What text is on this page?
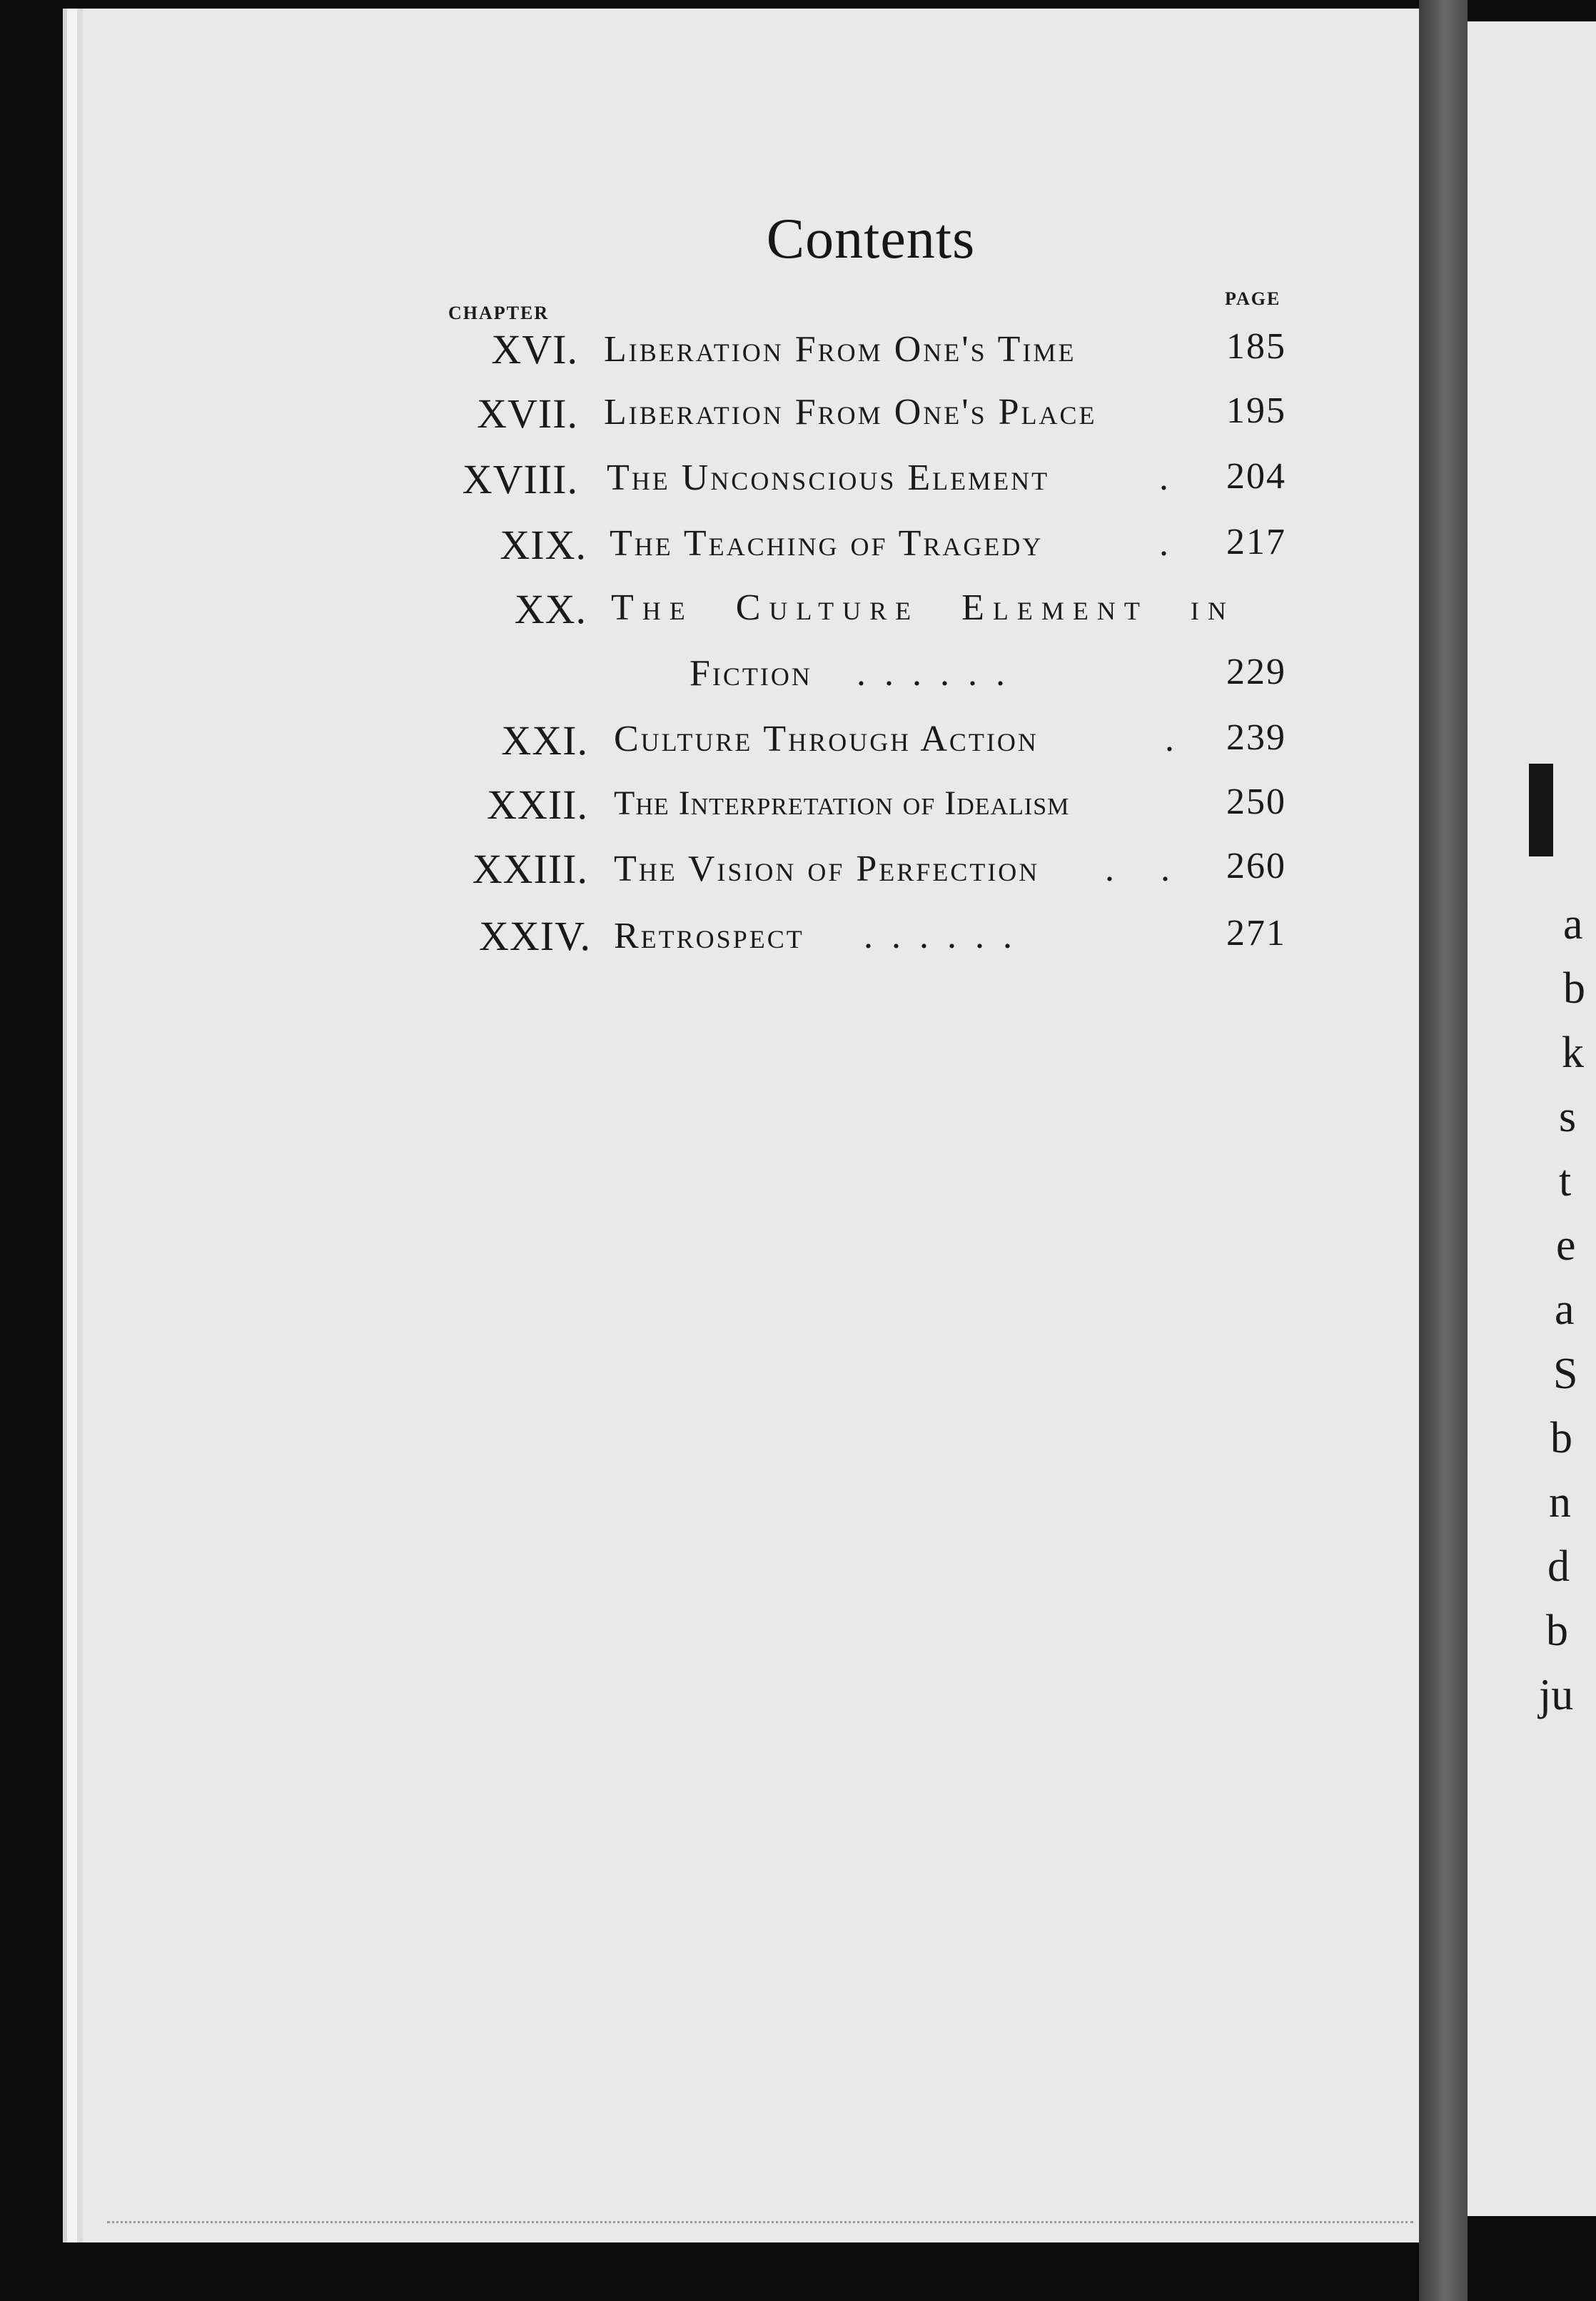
Contents
CHAPTER
PAGE
XVI. Liberation From One's Time	185
XVII. Liberation From One's Place	195
XVIII. The Unconscious Element	. 204
XIX. The Teaching of Tragedy	. 217
XX. The Culture Element in
Fiction ......	229
XXI. Culture Through Action	. 239
XXII. The Interpretation of Idealism	250
XXIII. The Vision of Perfection . . 260
XXIV. Retrospect ......	271	a
b
k
s
t
e
a
S
b
n
d
b
ju
